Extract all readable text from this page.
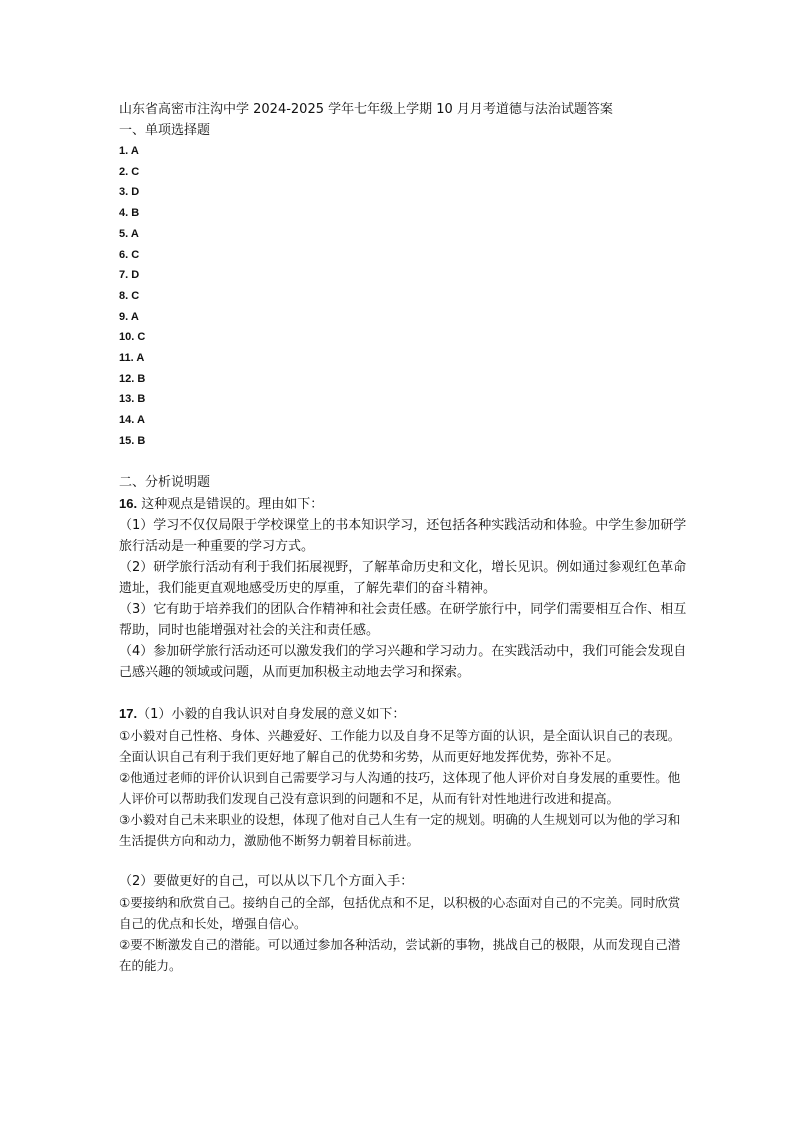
山东省高密市注沟中学 2024-2025 学年七年级上学期 10 月月考道德与法治试题答案
一、单项选择题
1. A
2. C
3. D
4. B
5. A
6. C
7. D
8. C
9. A
10. C
11. A
12. B
13. B
14. A
15. B
二、分析说明题
16. 这种观点是错误的。理由如下：
（1）学习不仅仅局限于学校课堂上的书本知识学习，还包括各种实践活动和体验。中学生参加研学旅行活动是一种重要的学习方式。
（2）研学旅行活动有利于我们拓展视野，了解革命历史和文化，增长见识。例如通过参观红色革命遗址，我们能更直观地感受历史的厚重，了解先辈们的奋斗精神。
（3）它有助于培养我们的团队合作精神和社会责任感。在研学旅行中，同学们需要相互合作、相互帮助，同时也能增强对社会的关注和责任感。
（4）参加研学旅行活动还可以激发我们的学习兴趣和学习动力。在实践活动中，我们可能会发现自己感兴趣的领域或问题，从而更加积极主动地去学习和探索。
17.（1）小毅的自我认识对自身发展的意义如下：
①小毅对自己性格、身体、兴趣爱好、工作能力以及自身不足等方面的认识，是全面认识自己的表现。全面认识自己有利于我们更好地了解自己的优势和劣势，从而更好地发挥优势，弥补不足。
②他通过老师的评价认识到自己需要学习与人沟通的技巧，这体现了他人评价对自身发展的重要性。他人评价可以帮助我们发现自己没有意识到的问题和不足，从而有针对性地进行改进和提高。
③小毅对自己未来职业的设想，体现了他对自己人生有一定的规划。明确的人生规划可以为他的学习和生活提供方向和动力，激励他不断努力朝着目标前进。
（2）要做更好的自己，可以从以下几个方面入手：
①要接纳和欣赏自己。接纳自己的全部，包括优点和不足，以积极的心态面对自己的不完美。同时欣赏自己的优点和长处，增强自信心。
②要不断激发自己的潜能。可以通过参加各种活动，尝试新的事物，挑战自己的极限，从而发现自己潜在的能力。
